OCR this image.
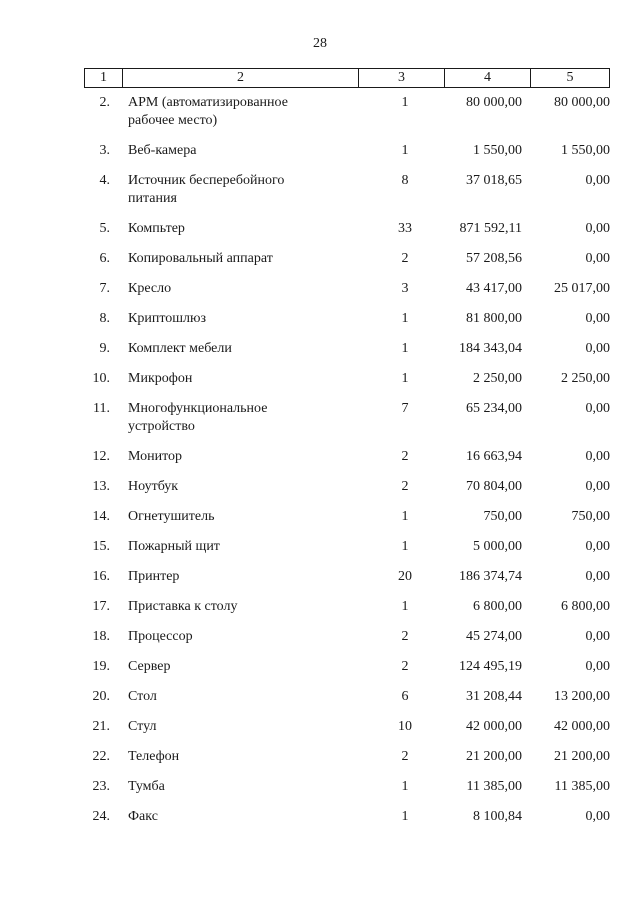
28
1	2	3	4	5
2. АРМ (автоматизированное
рабочее место)
1	80 000,00	80 000,00
3. Веб-камера	1	1 550,00	1 550,00
4. Источник бесперебойного
питания
8	37 018,65	0,00
5. Компьтер	33	871 592,11	0,00
6. Копировальный аппарат	2	57 208,56	0,00
7. Кресло	3	43 417,00	25 017,00
8. Криптошлюз	1	81 800,00	0,00
9. Комплект мебели	1	184 343,04	0,00
10. Микрофон	1	2 250,00	2 250,00
11. Многофункциональное
устройство
7	65 234,00	0,00
12. Монитор	2	16 663,94	0,00
13. Ноутбук	2	70 804,00	0,00
14. Огнетушитель	1	750,00	750,00
15. Пожарный щит	1	5 000,00	0,00
16. Принтер	20	186 374,74	0,00
17. Приставка к столу	1	6 800,00	6 800,00
18. Процессор	2	45 274,00	0,00
19. Сервер	2	124 495,19	0,00
20. Стол	6	31 208,44	13 200,00
21. Стул	10	42 000,00	42 000,00
22. Телефон	2	21 200,00	21 200,00
23. Тумба	1	11 385,00	11 385,00
24. Факс	1	8 100,84	0,00
